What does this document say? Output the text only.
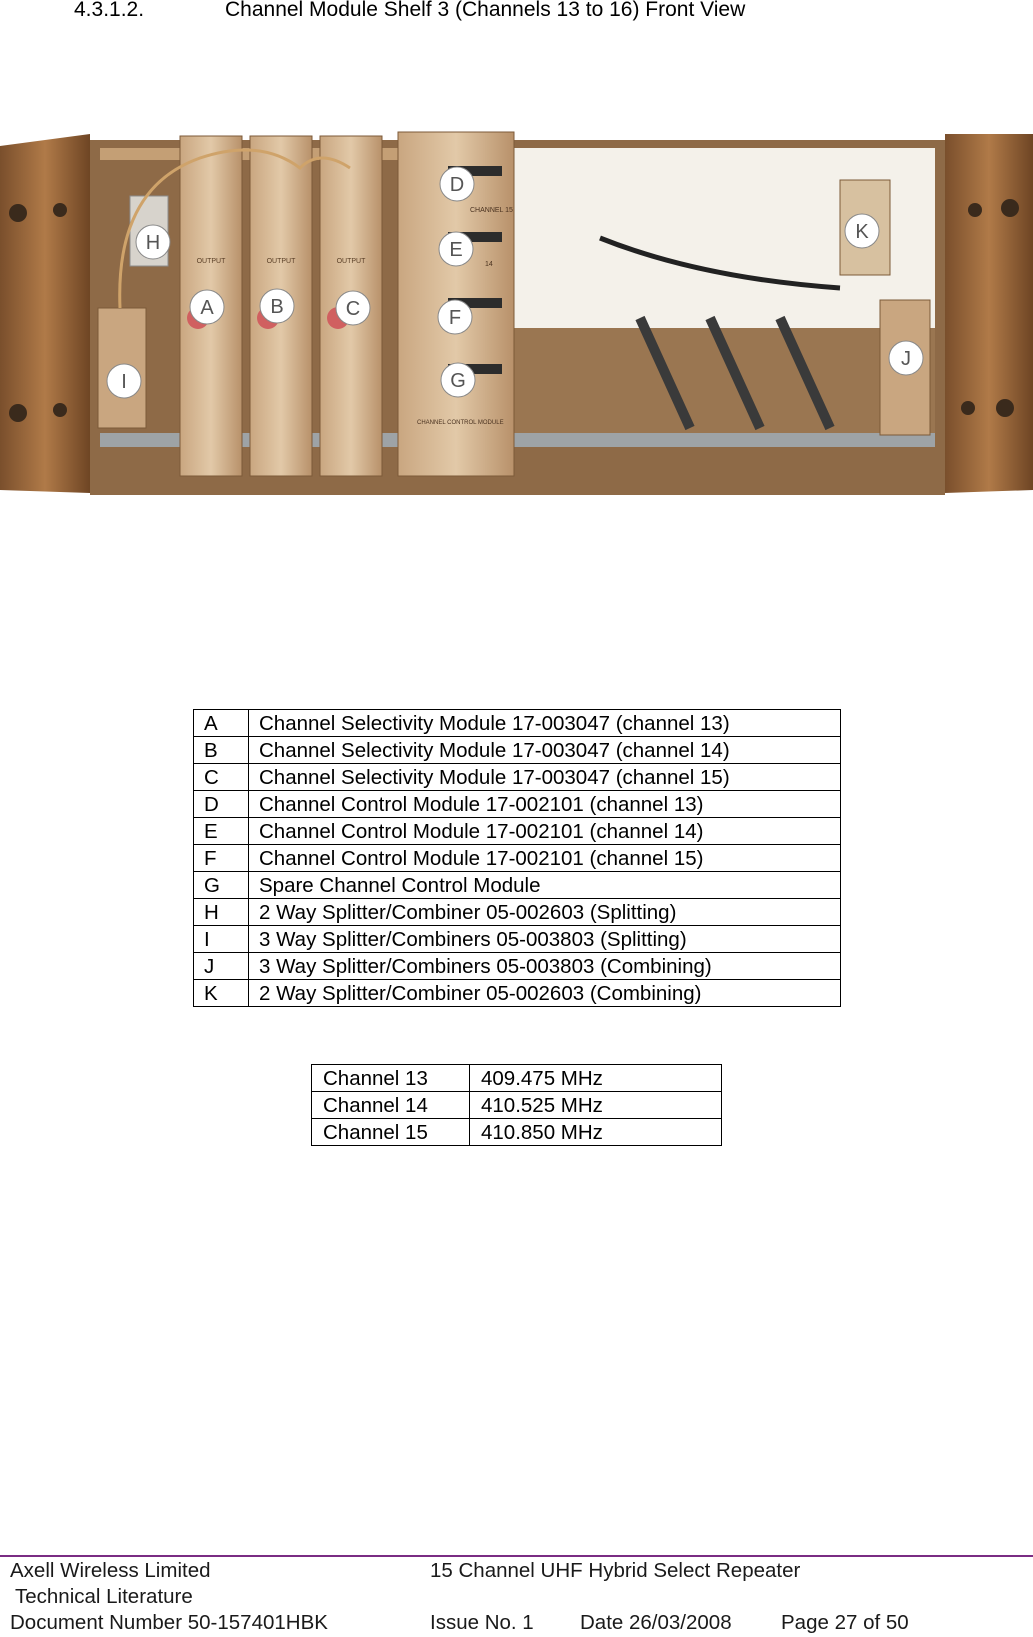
4.3.1.2.	Channel Module Shelf 3 (Channels 13 to 16) Front View
OUTPUT	OUTPUT	OUTPUT
CHANNEL 15
14
CHANNEL CONTROL MODULE
A	B	C
D
E
F
G
H
I
J
K
A	Channel Selectivity Module 17-003047 (channel 13)
B	Channel Selectivity Module 17-003047 (channel 14)
C	Channel Selectivity Module 17-003047 (channel 15)
D	Channel Control Module 17-002101 (channel 13)
E	Channel Control Module 17-002101 (channel 14)
F	Channel Control Module 17-002101 (channel 15)
G	Spare Channel Control Module
H	2 Way Splitter/Combiner 05-002603 (Splitting)
I	3 Way Splitter/Combiners 05-003803 (Splitting)
J	3 Way Splitter/Combiners 05-003803 (Combining)
K	2 Way Splitter/Combiner 05-002603 (Combining)
Channel 13	409.475 MHz
Channel 14	410.525 MHz
Channel 15	410.850 MHz
Axell Wireless Limited
Technical Literature
15 Channel UHF Hybrid Select Repeater
Document Number 50-157401HBK	Issue No. 1 Date 26/03/2008 Page 27 of 50
